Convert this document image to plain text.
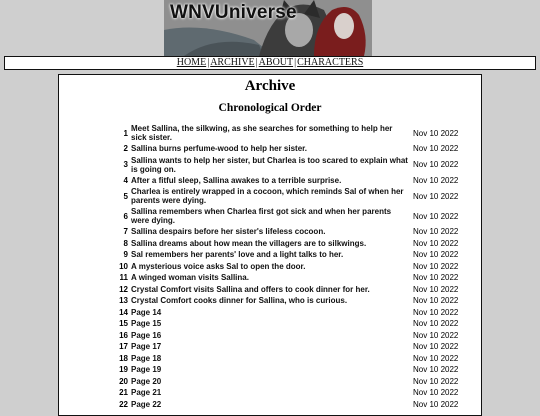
WNVUniverse
HOME|ARCHIVE|ABOUT|CHARACTERS
Archive
Chronological Order
1	Meet Sallina, the silkwing, as she searches for something to help her sick sister.	Nov 10 2022
2	Sallina burns perfume-wood to help her sister.	Nov 10 2022
3	Sallina wants to help her sister, but Charlea is too scared to explain what is going on.	Nov 10 2022
4	After a fitful sleep, Sallina awakes to a terrible surprise.	Nov 10 2022
5	Charlea is entirely wrapped in a cocoon, which reminds Sal of when her parents were dying.	Nov 10 2022
6	Sallina remembers when Charlea first got sick and when her parents were dying.	Nov 10 2022
7	Sallina despairs before her sister's lifeless cocoon.	Nov 10 2022
8	Sallina dreams about how mean the villagers are to silkwings.	Nov 10 2022
9	Sal remembers her parents' love and a light talks to her.	Nov 10 2022
10	A mysterious voice asks Sal to open the door.	Nov 10 2022
11	A winged woman visits Sallina.	Nov 10 2022
12	Crystal Comfort visits Sallina and offers to cook dinner for her.	Nov 10 2022
13	Crystal Comfort cooks dinner for Sallina, who is curious.	Nov 10 2022
14	Page 14	Nov 10 2022
15	Page 15	Nov 10 2022
16	Page 16	Nov 10 2022
17	Page 17	Nov 10 2022
18	Page 18	Nov 10 2022
19	Page 19	Nov 10 2022
20	Page 20	Nov 10 2022
21	Page 21	Nov 10 2022
22	Page 22	Nov 10 2022
